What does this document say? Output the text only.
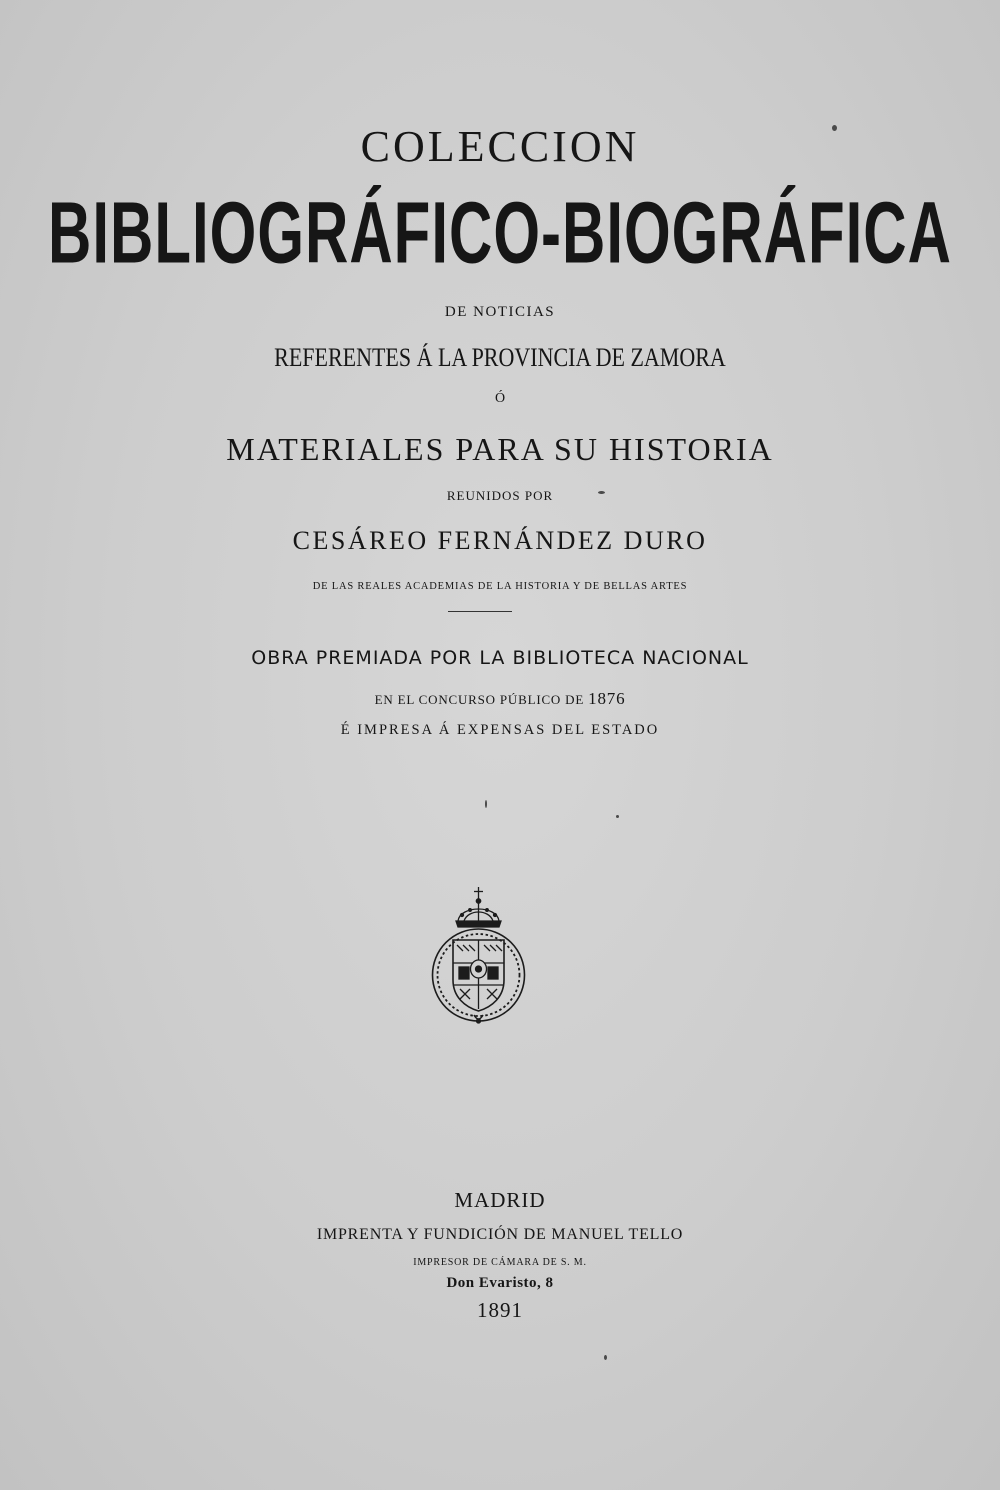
COLECCION
BIBLIOGRÁFICO-BIOGRÁFICA
DE NOTICIAS
REFERENTES Á LA PROVINCIA DE ZAMORA
Ó
MATERIALES PARA SU HISTORIA
REUNIDOS POR
CESÁREO FERNÁNDEZ DURO
DE LAS REALES ACADEMIAS DE LA HISTORIA Y DE BELLAS ARTES
OBRA PREMIADA POR LA BIBLIOTECA NACIONAL
EN EL CONCURSO PÚBLICO DE 1876
É IMPRESA Á EXPENSAS DEL ESTADO
MADRID
IMPRENTA Y FUNDICIÓN DE MANUEL TELLO
IMPRESOR DE CÁMARA DE S. M.
Don Evaristo, 8
1891
